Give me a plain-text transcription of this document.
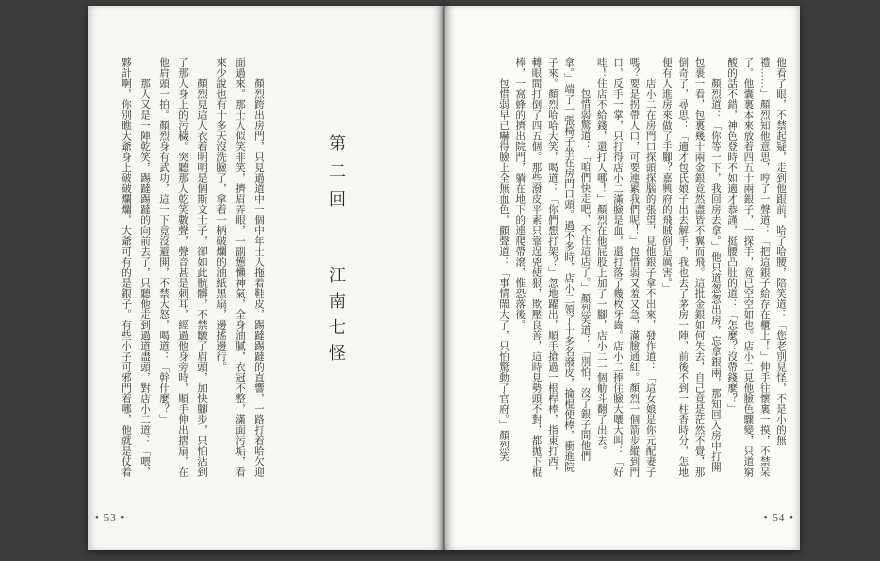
第二回 江南七怪
顏烈跨出房門，只見過道中一個中年士人拖着鞋皮，踢躂踢躂的直響，一路打着哈欠迎
面過來。那士人似笑非笑，擠眉弄眼，一副憊懶神氣，全身油膩，衣冠不整，滿面污垢，看
來少說也有十多天沒洗臉了，拿着一柄破爛的油紙黑扇，邊搖邊行。
顏烈見這人衣着明明是個斯文士子，卻如此骯髒，不禁皺了眉頭，加快腳步，只怕沾到
了那人身上的污穢。突聽那人乾笑數聲，聲音甚是刺耳，經過他身旁時，順手伸出摺扇，在
他肩頭一拍。顏烈身有武功，這一下竟沒避開，不禁大怒，喝道：「幹什麼？」
那人又是一陣乾笑，踢躂踢躂的向前去了，只聽他走到過道盡頭，對店小二道：「喂，
夥計啊，你別瞧大爺身上破破爛爛，大爺可有的是銀子。有些小子可邪門着哪，他就是仗着
• 53 •
他看了眼，不禁起疑，走到他跟前，哈了哈腰，陪笑道：「您老別見怪，不是小的無
禮……」顏烈知他意思，哼了一聲道：「把這銀子給存在櫃上！」伸手往懷裏一摸，不禁呆
了。他囊裏本來放着四五十兩銀子，一探手，竟已空空如也。店小二見他臉色驟變，只道窮
酸的話不錯，神色登時不如適才恭謹，挺腰凸肚的道：「怎麼？沒帶錢麼？」
顏烈道：「你等一下，我回房去拿。」他只道怱怱出房，忘拿銀兩，那知回入房中打開
包裹一看，包裏幾十兩金銀竟然盡皆不翼而飛。這批金銀如何失去，自己竟是茫然不覺，那
倒奇了，尋思：「適才包氏娘子出去解手，我也去了茅房一陣，前後不到一柱香時分，怎地
便有人進房來做了手腳？嘉興府的飛賊倒是厲害。」
店小二在房門口探頭探腦的張望，見他銀子拿不出來，發作道：「這女娘是你元配妻子
嗎？要是拐帶人口，可要連累我們呢！」包惜弱又羞又急，滿臉通紅。顏烈一個箭步縱到門
口，反手一掌，只打得店小二滿臉是血，還打落了幾枚牙齒。店小二捧住臉大嚷大叫：「好
哇！住店不給錢，還打人哪！」顏烈在他屁股上加了一腳，店小二一個觔斗翻了出去。
包惜弱驚道：「咱們快走吧，不住這店了。」顏烈笑道：「別怕，沒了銀子問他們
拿。」端了一張椅子坐在房門口頭。過不多時，店小二領了十多名潑皮，掄棍使棒，衝進院
子來。顏烈哈哈大笑，喝道：「你們想打架？」忽地躍出，順手搶過一根桿棒，指東打西，
轉眼間打倒了四五個。那些潑皮平素只靠逞兇使狠，欺壓良善，這時見勢頭不對，都拋下棍
棒，一窩蜂的擠出院門，躺在地下的連爬帶滾，惟恐落後。
包惜弱早已嚇得臉上全無血色，顫聲道：「事情閙大了，只怕驚動了官府。」顏烈笑
• 54 •
